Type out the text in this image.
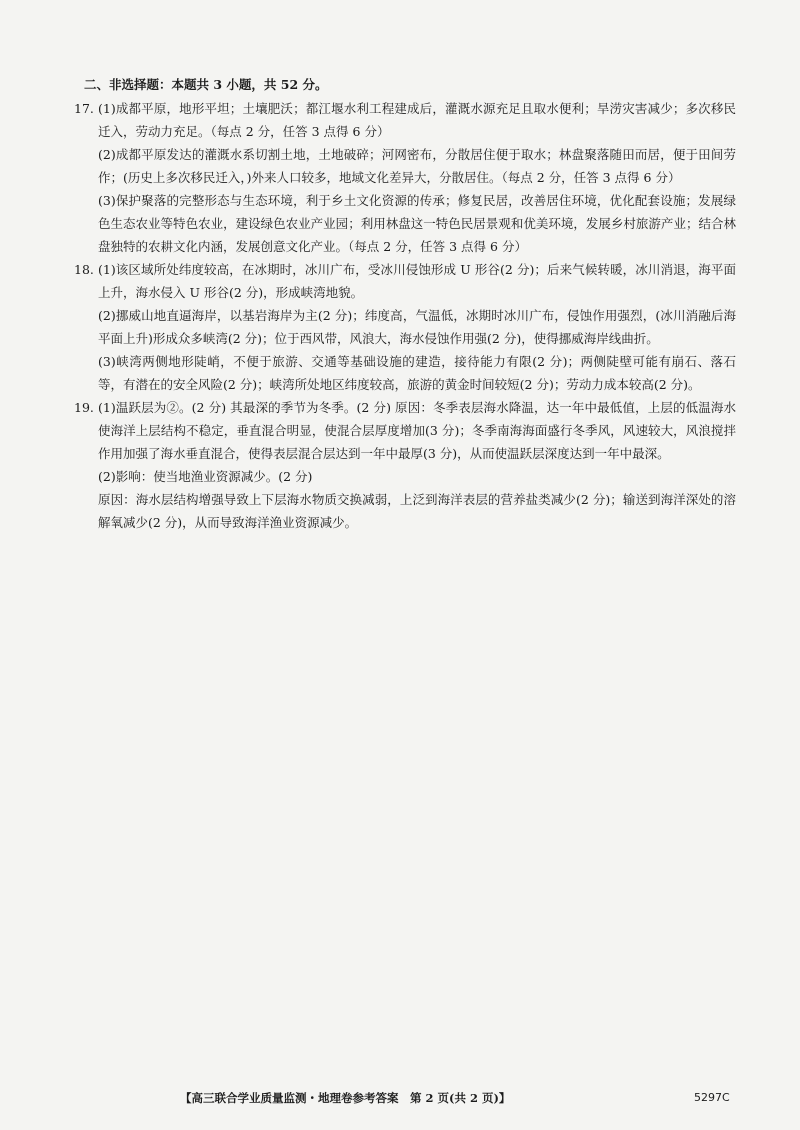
二、非选择题：本题共 3 小题，共 52 分。
17. (1)成都平原，地形平坦；土壤肥沃；都江堰水利工程建成后，灌溉水源充足且取水便利；旱涝灾害减少；多次移民迁入，劳动力充足。（每点 2 分，任答 3 点得 6 分）
(2)成都平原发达的灌溉水系切割土地，土地破碎；河网密布，分散居住便于取水；林盘聚落随田而居，便于田间劳作；(历史上多次移民迁入，)外来人口较多，地域文化差异大，分散居住。（每点 2 分，任答 3 点得 6 分）
(3)保护聚落的完整形态与生态环境，利于乡土文化资源的传承；修复民居，改善居住环境，优化配套设施；发展绿色生态农业等特色农业，建设绿色农业产业园；利用林盘这一特色民居景观和优美环境，发展乡村旅游产业；结合林盘独特的农耕文化内涵，发展创意文化产业。（每点 2 分，任答 3 点得 6 分）
18. (1)该区域所处纬度较高，在冰期时，冰川广布，受冰川侵蚀形成 U 形谷(2 分)；后来气候转暖，冰川消退，海平面上升，海水侵入 U 形谷(2 分)，形成峡湾地貌。
(2)挪威山地直逼海岸，以基岩海岸为主(2 分)；纬度高，气温低，冰期时冰川广布，侵蚀作用强烈，(冰川消融后海平面上升)形成众多峡湾(2 分)；位于西风带，风浪大，海水侵蚀作用强(2 分)，使得挪威海岸线曲折。
(3)峡湾两侧地形陡峭，不便于旅游、交通等基础设施的建造，接待能力有限(2 分)；两侧陡壁可能有崩石、落石等，有潜在的安全风险(2 分)；峡湾所处地区纬度较高，旅游的黄金时间较短(2 分)；劳动力成本较高(2 分)。
19. (1)温跃层为②。(2 分) 其最深的季节为冬季。(2 分) 原因：冬季表层海水降温，达一年中最低值，上层的低温海水使海洋上层结构不稳定，垂直混合明显，使混合层厚度增加(3 分)；冬季南海海面盛行冬季风，风速较大，风浪搅拌作用加强了海水垂直混合，使得表层混合层达到一年中最厚(3 分)，从而使温跃层深度达到一年中最深。
(2)影响：使当地渔业资源减少。(2 分)
原因：海水层结构增强导致上下层海水物质交换减弱，上泛到海洋表层的营养盐类减少(2 分)；输送到海洋深处的溶解氧减少(2 分)，从而导致海洋渔业资源减少。
【高三联合学业质量监测・地理卷参考答案　第 2 页(共 2 页)】	5297C
